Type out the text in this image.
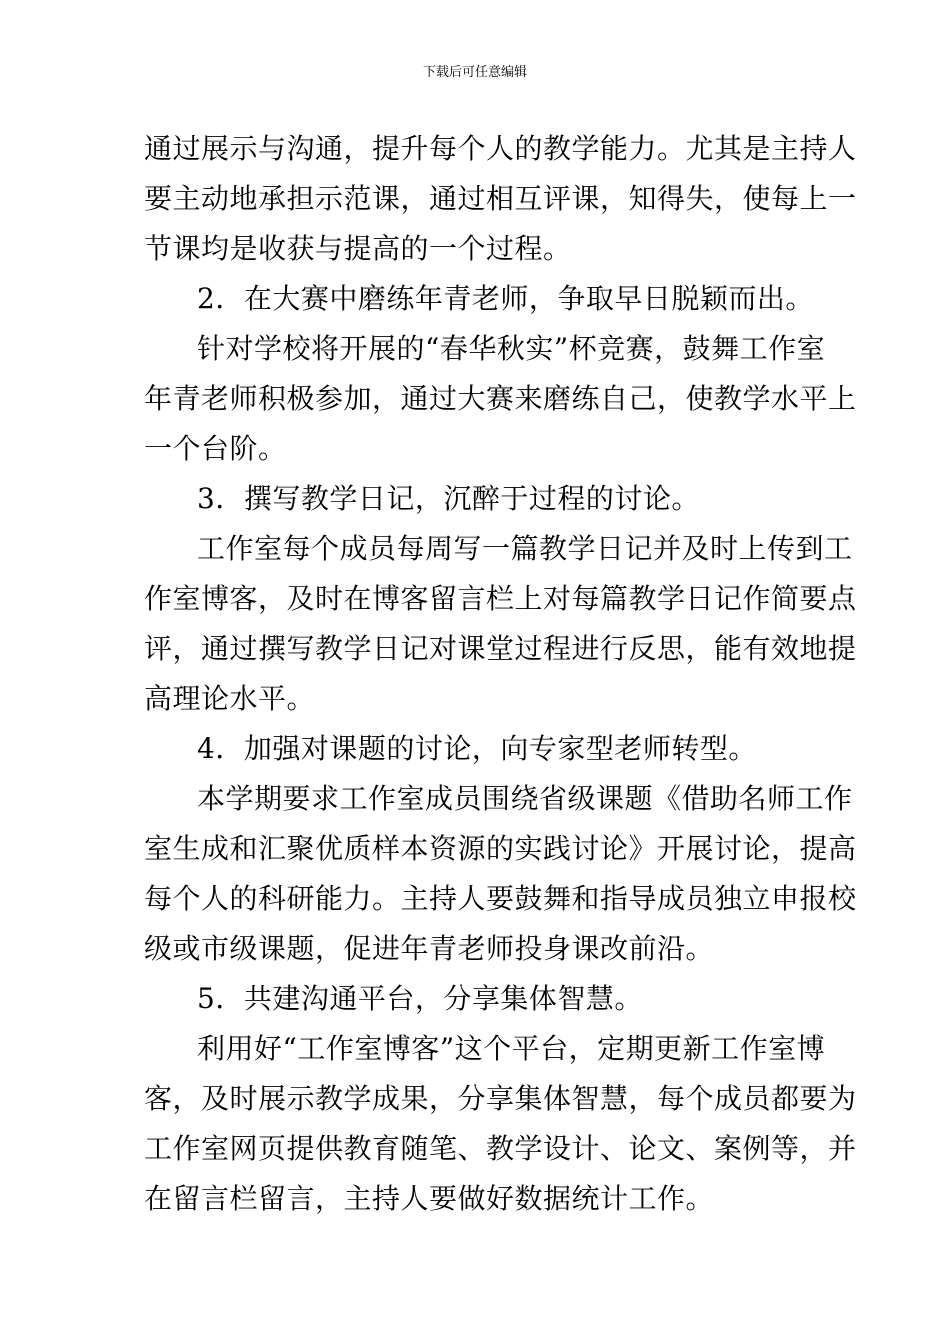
下载后可任意编辑
通过展示与沟通，提升每个人的教学能力。尤其是主持人
要主动地承担示范课，通过相互评课，知得失，使每上一
节课均是收获与提高的一个过程。
2．在大赛中磨练年青老师，争取早日脱颖而出。
针对学校将开展的“春华秋实”杯竞赛，鼓舞工作室
年青老师积极参加，通过大赛来磨练自己，使教学水平上
一个台阶。
3．撰写教学日记，沉醉于过程的讨论。
工作室每个成员每周写一篇教学日记并及时上传到工
作室博客，及时在博客留言栏上对每篇教学日记作简要点
评，通过撰写教学日记对课堂过程进行反思，能有效地提
高理论水平。
4．加强对课题的讨论，向专家型老师转型。
本学期要求工作室成员围绕省级课题《借助名师工作
室生成和汇聚优质样本资源的实践讨论》开展讨论，提高
每个人的科研能力。主持人要鼓舞和指导成员独立申报校
级或市级课题，促进年青老师投身课改前沿。
5．共建沟通平台，分享集体智慧。
利用好“工作室博客”这个平台，定期更新工作室博
客，及时展示教学成果，分享集体智慧，每个成员都要为
工作室网页提供教育随笔、教学设计、论文、案例等，并
在留言栏留言，主持人要做好数据统计工作。
